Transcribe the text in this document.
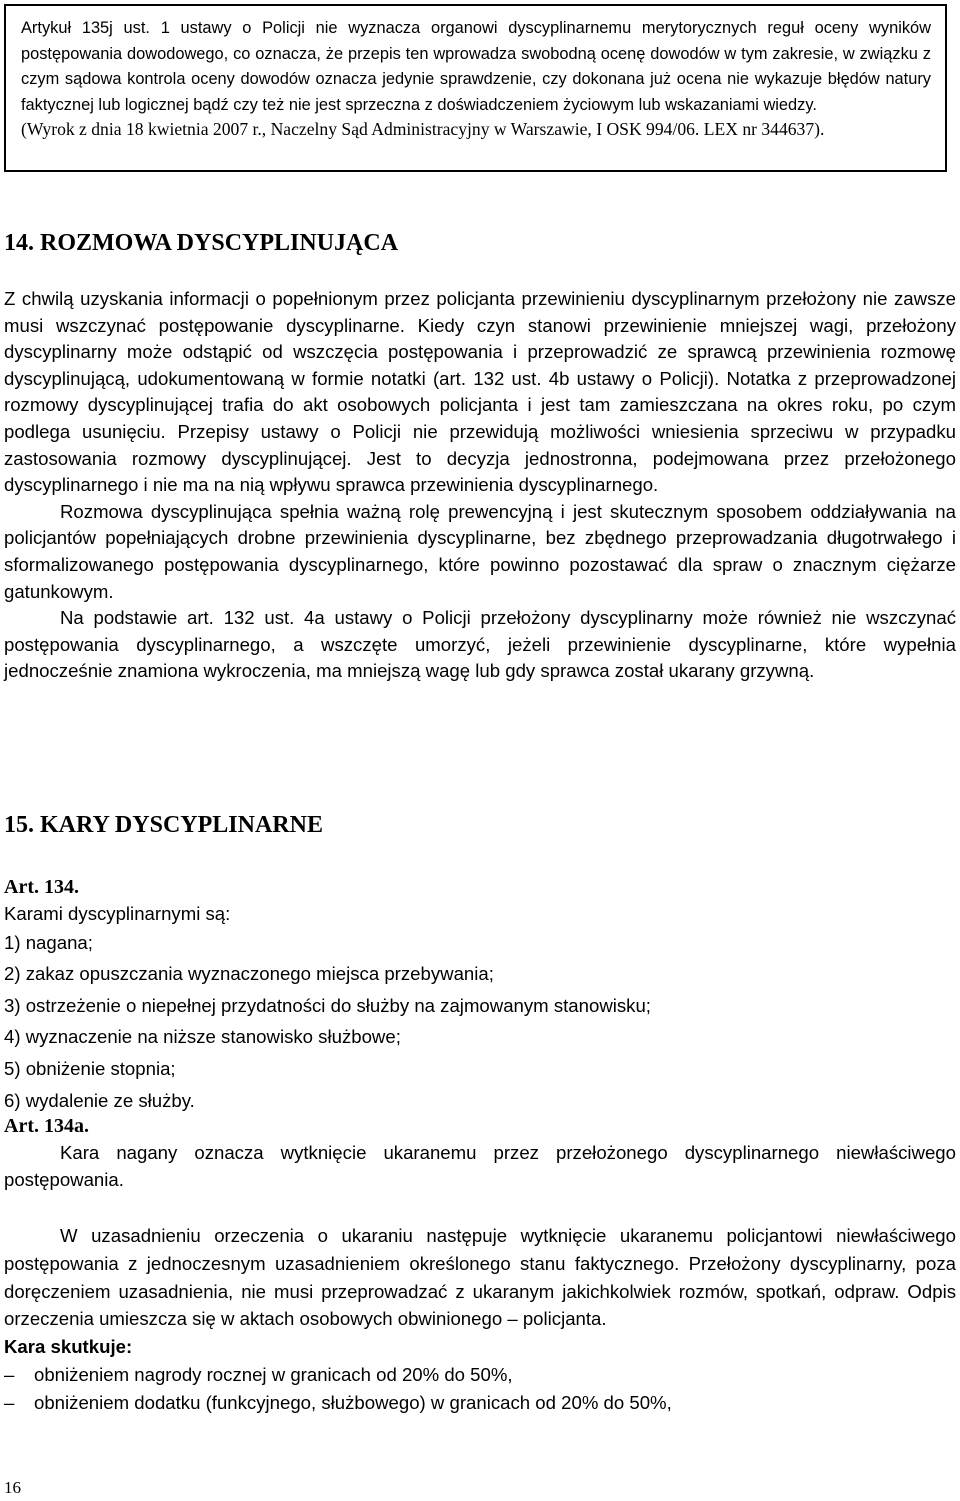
Artykuł 135j ust. 1 ustawy o Policji nie wyznacza organowi dyscyplinarnemu merytorycznych reguł oceny wyników postępowania dowodowego, co oznacza, że przepis ten wprowadza swobodną ocenę dowodów w tym zakresie, w związku z czym sądowa kontrola oceny dowodów oznacza jedynie sprawdzenie, czy dokonana już ocena nie wykazuje błędów natury faktycznej lub logicznej bądź czy też nie jest sprzeczna z doświadczeniem życiowym lub wskazaniami wiedzy.

(Wyrok z dnia 18 kwietnia 2007 r., Naczelny Sąd Administracyjny w Warszawie, I OSK 994/06. LEX nr 344637).

14. ROZMOWA DYSCYPLINUJĄCA

Z chwilą uzyskania informacji o popełnionym przez policjanta przewinieniu dyscyplinarnym przełożony nie zawsze musi wszczynać postępowanie dyscyplinarne. Kiedy czyn stanowi przewinienie mniejszej wagi, przełożony dyscyplinarny może odstąpić od wszczęcia postępowania i przeprowadzić ze sprawcą przewinienia rozmowę dyscyplinującą, udokumentowaną w formie notatki (art. 132 ust. 4b ustawy o Policji). Notatka z przeprowadzonej rozmowy dyscyplinującej trafia do akt osobowych policjanta i jest tam zamieszczana na okres roku, po czym podlega usunięciu. Przepisy ustawy o Policji nie przewidują możliwości wniesienia sprzeciwu w przypadku zastosowania rozmowy dyscyplinującej. Jest to decyzja jednostronna, podejmowana przez przełożonego dyscyplinarnego i nie ma na nią wpływu sprawca przewinienia dyscyplinarnego.

Rozmowa dyscyplinująca spełnia ważną rolę prewencyjną i jest skutecznym sposobem oddziaływania na policjantów popełniających drobne przewinienia dyscyplinarne, bez zbędnego przeprowadzania długotrwałego i sformalizowanego postępowania dyscyplinarnego, które powinno pozostawać dla spraw o znacznym ciężarze gatunkowym.

Na podstawie art. 132 ust. 4a ustawy o Policji przełożony dyscyplinarny może również nie wszczynać postępowania dyscyplinarnego, a wszczęte umorzyć, jeżeli przewinienie dyscyplinarne, które wypełnia jednocześnie znamiona wykroczenia, ma mniejszą wagę lub gdy sprawca został ukarany grzywną.

15. KARY DYSCYPLINARNE
Art. 134.
Karami dyscyplinarnymi są:
1) nagana;
2) zakaz opuszczania wyznaczonego miejsca przebywania;
3) ostrzeżenie o niepełnej przydatności do służby na zajmowanym stanowisku;
4) wyznaczenie na niższe stanowisko służbowe;
5) obniżenie stopnia;
6) wydalenie ze służby.
Art. 134a.

Kara nagany oznacza wytknięcie ukaranemu przez przełożonego dyscyplinarnego niewłaściwego postępowania.

W uzasadnieniu orzeczenia o ukaraniu następuje wytknięcie ukaranemu policjantowi niewłaściwego postępowania z jednoczesnym uzasadnieniem określonego stanu faktycznego. Przełożony dyscyplinarny, poza doręczeniem uzasadnienia, nie musi przeprowadzać z ukaranym jakichkolwiek rozmów, spotkań, odpraw. Odpis orzeczenia umieszcza się w aktach osobowych obwinionego – policjanta.

Kara skutkuje:
–	obniżeniem nagrody rocznej w granicach od 20% do 50%,
–	obniżeniem dodatku (funkcyjnego, służbowego) w granicach od 20% do 50%,
16
